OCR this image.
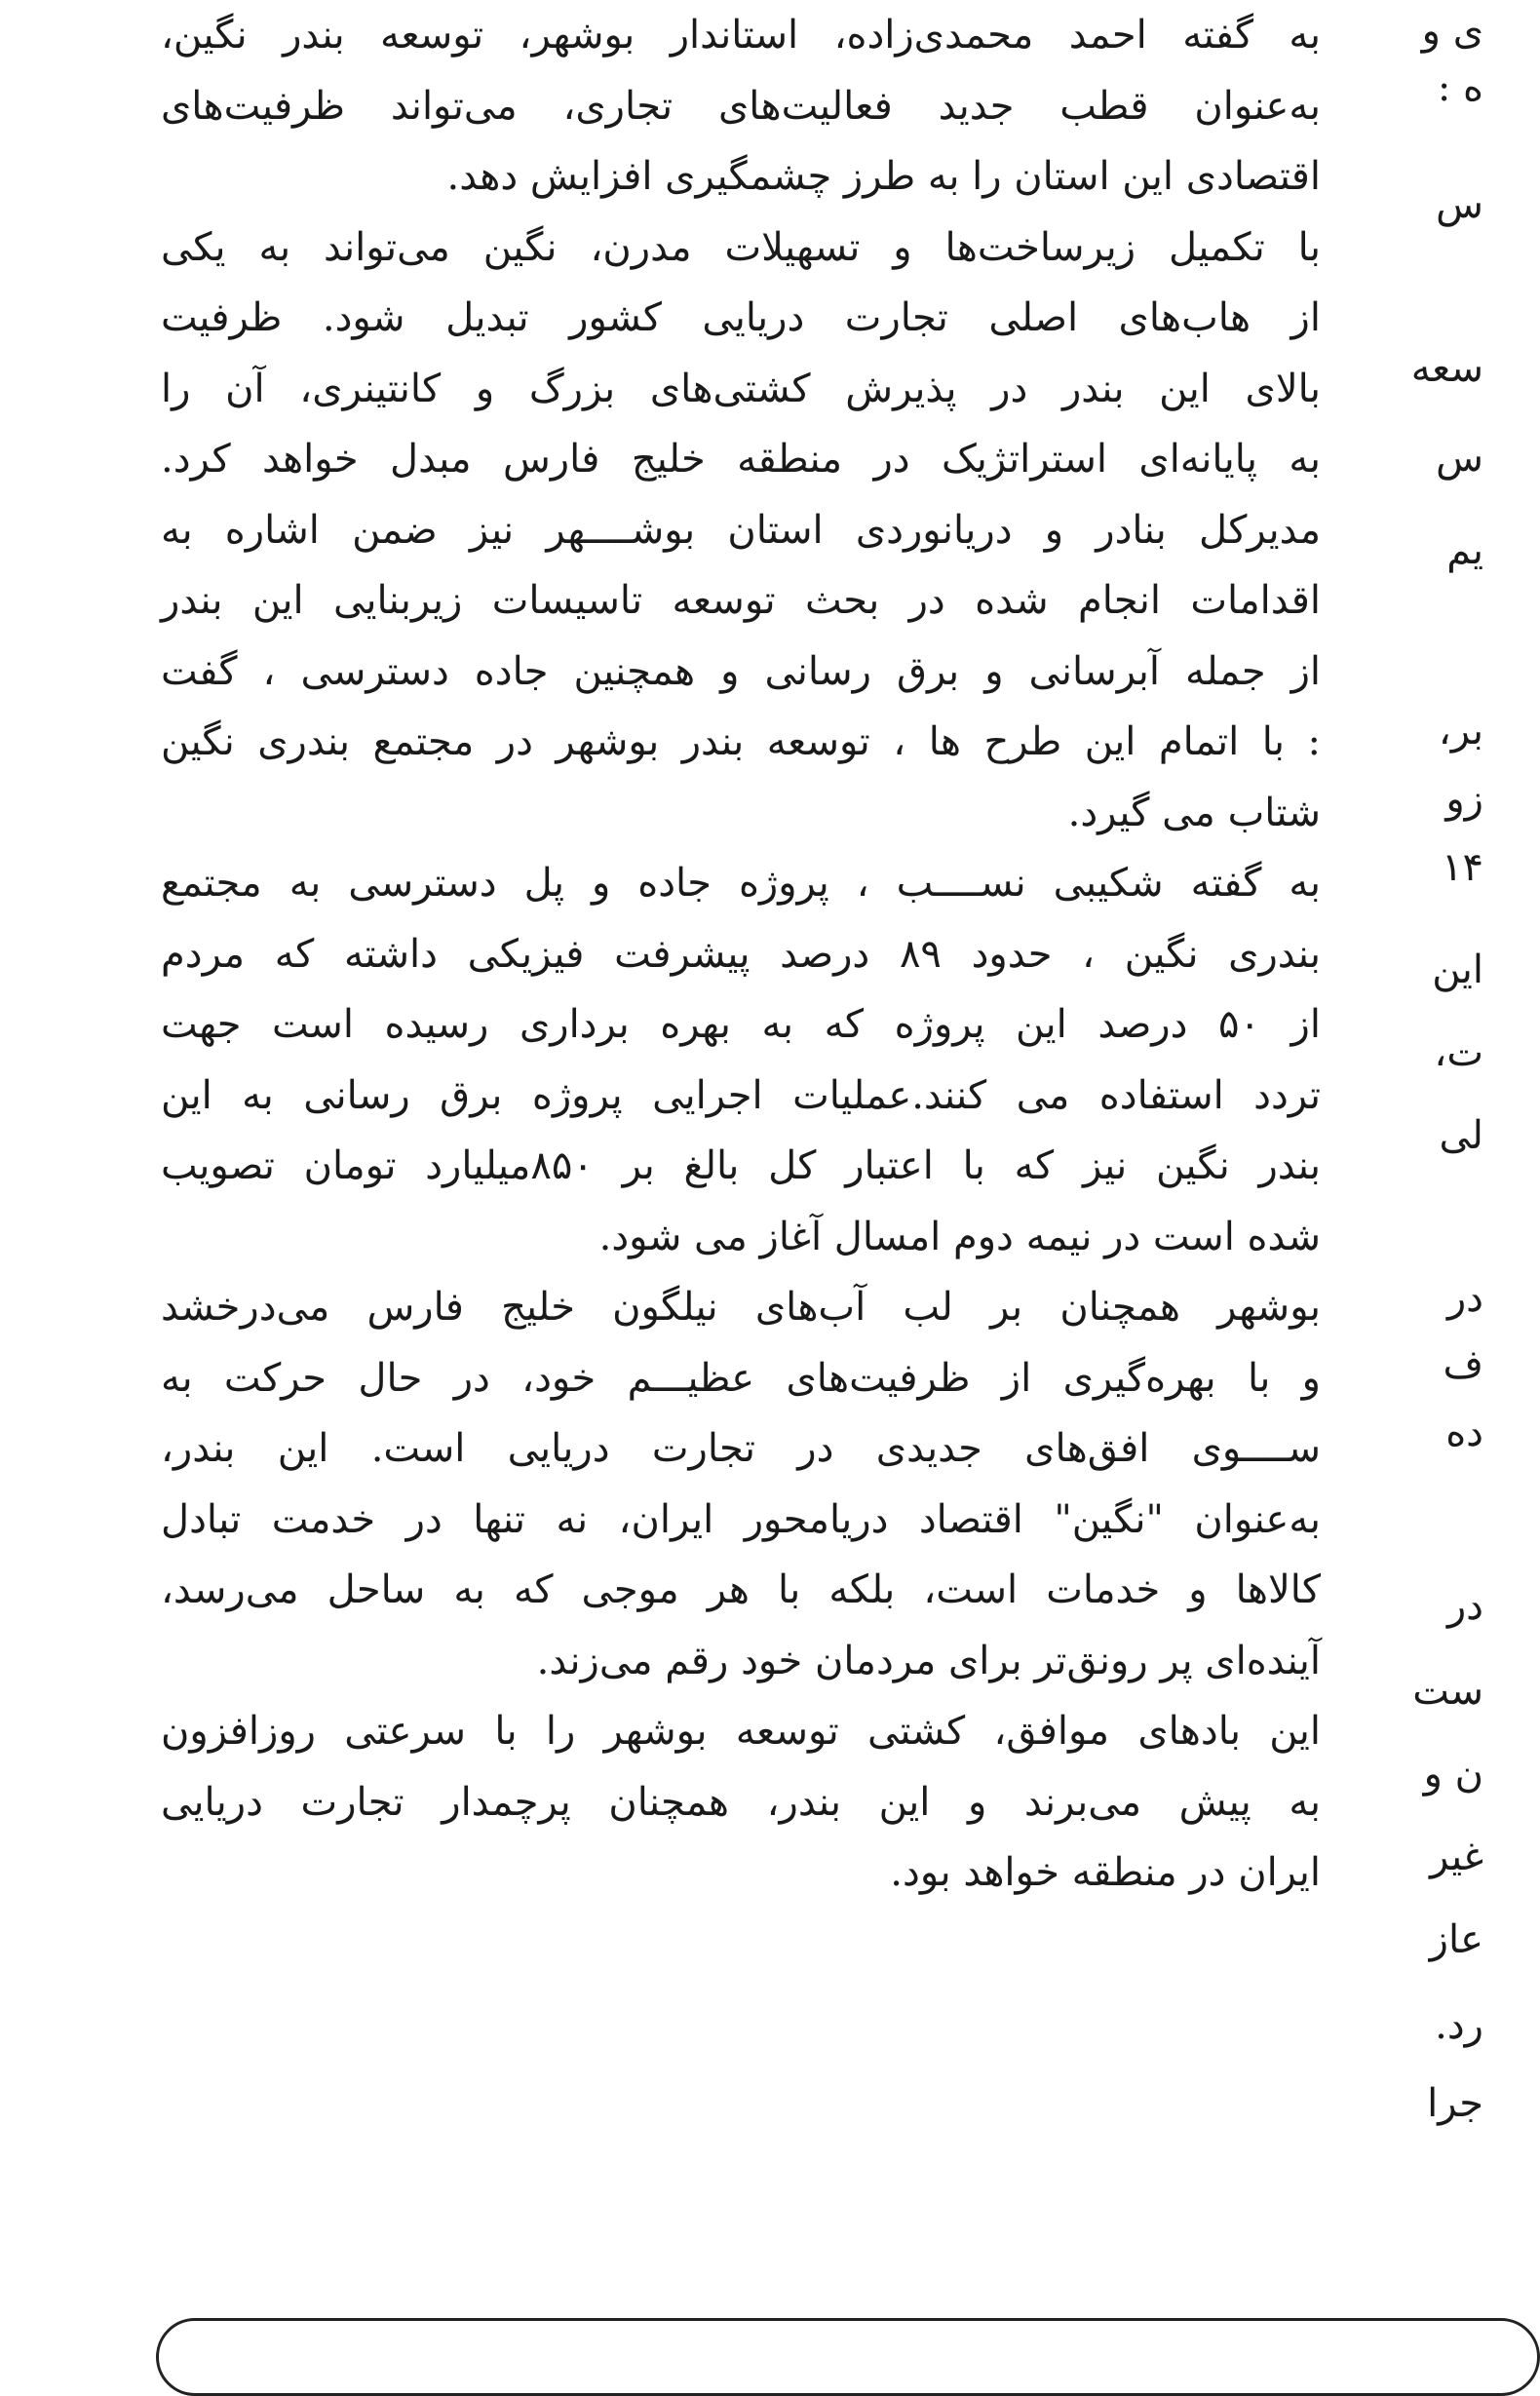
به گفته احمد محمدی‌زاده، استاندار بوشهر، توسعه بندر نگین،
به‌عنوان قطب جدید فعالیت‌های تجاری، می‌تواند ظرفیت‌های
اقتصادی این استان را به طرز چشمگیری افزایش دهد.
با تکمیل زیرساخت‌ها و تسهیلات مدرن، نگین می‌تواند به یکی
از هاب‌های اصلی تجارت دریایی کشور تبدیل شود. ظرفیت
بالای این بندر در پذیرش کشتی‌های بزرگ و کانتینری، آن را
به پایانه‌ای استراتژیک در منطقه خلیج فارس مبدل خواهد کرد.
مدیرکل بنادر و دریانوردی استان بوشــــهر نیز ضمن اشاره به
اقدامات انجام شده در بحث توسعه تاسیسات زیربنایی این بندر
از جمله آبرسانی و برق رسانی و همچنین جاده دسترسی ، گفت
: با اتمام این طرح ها ، توسعه بندر بوشهر در مجتمع بندری نگین
شتاب می گیرد.
به گفته شکیبی نســــب ، پروژه جاده و پل دسترسی به مجتمع
بندری نگین ، حدود ۸۹ درصد پیشرفت فیزیکی داشته که مردم
از ۵۰ درصد این پروژه که به بهره برداری رسیده است جهت
تردد استفاده می کنند.عملیات اجرایی پروژه برق رسانی به این
بندر نگین نیز که با اعتبار کل بالغ بر ۸۵۰میلیارد تومان تصویب
شده است در نیمه دوم امسال آغاز می شود.
بوشهر همچنان بر لب آب‌های نیلگون خلیج فارس می‌درخشد
و با بهره‌گیری از ظرفیت‌های عظیـــم خود، در حال حرکت به
ســــوی افق‌های جدیدی در تجارت دریایی است. این بندر،
به‌عنوان "نگین" اقتصاد دریامحور ایران، نه تنها در خدمت تبادل
کالاها و خدمات است، بلکه با هر موجی که به ساحل می‌رسد،
آینده‌ای پر رونق‌تر برای مردمان خود رقم می‌زند.
این بادهای موافق، کشتی توسعه بوشهر را با سرعتی روزافزون
به پیش می‌برند و این بندر، همچنان پرچمدار تجارت دریایی
ایران در منطقه خواهد بود.
ی و
ه :
س
سعه
س
یم
بر،
زو
۱۴
این
ت،
لی
در
ف
ده
در
ست
ن و
غیر
عاز
رد.
جرا
